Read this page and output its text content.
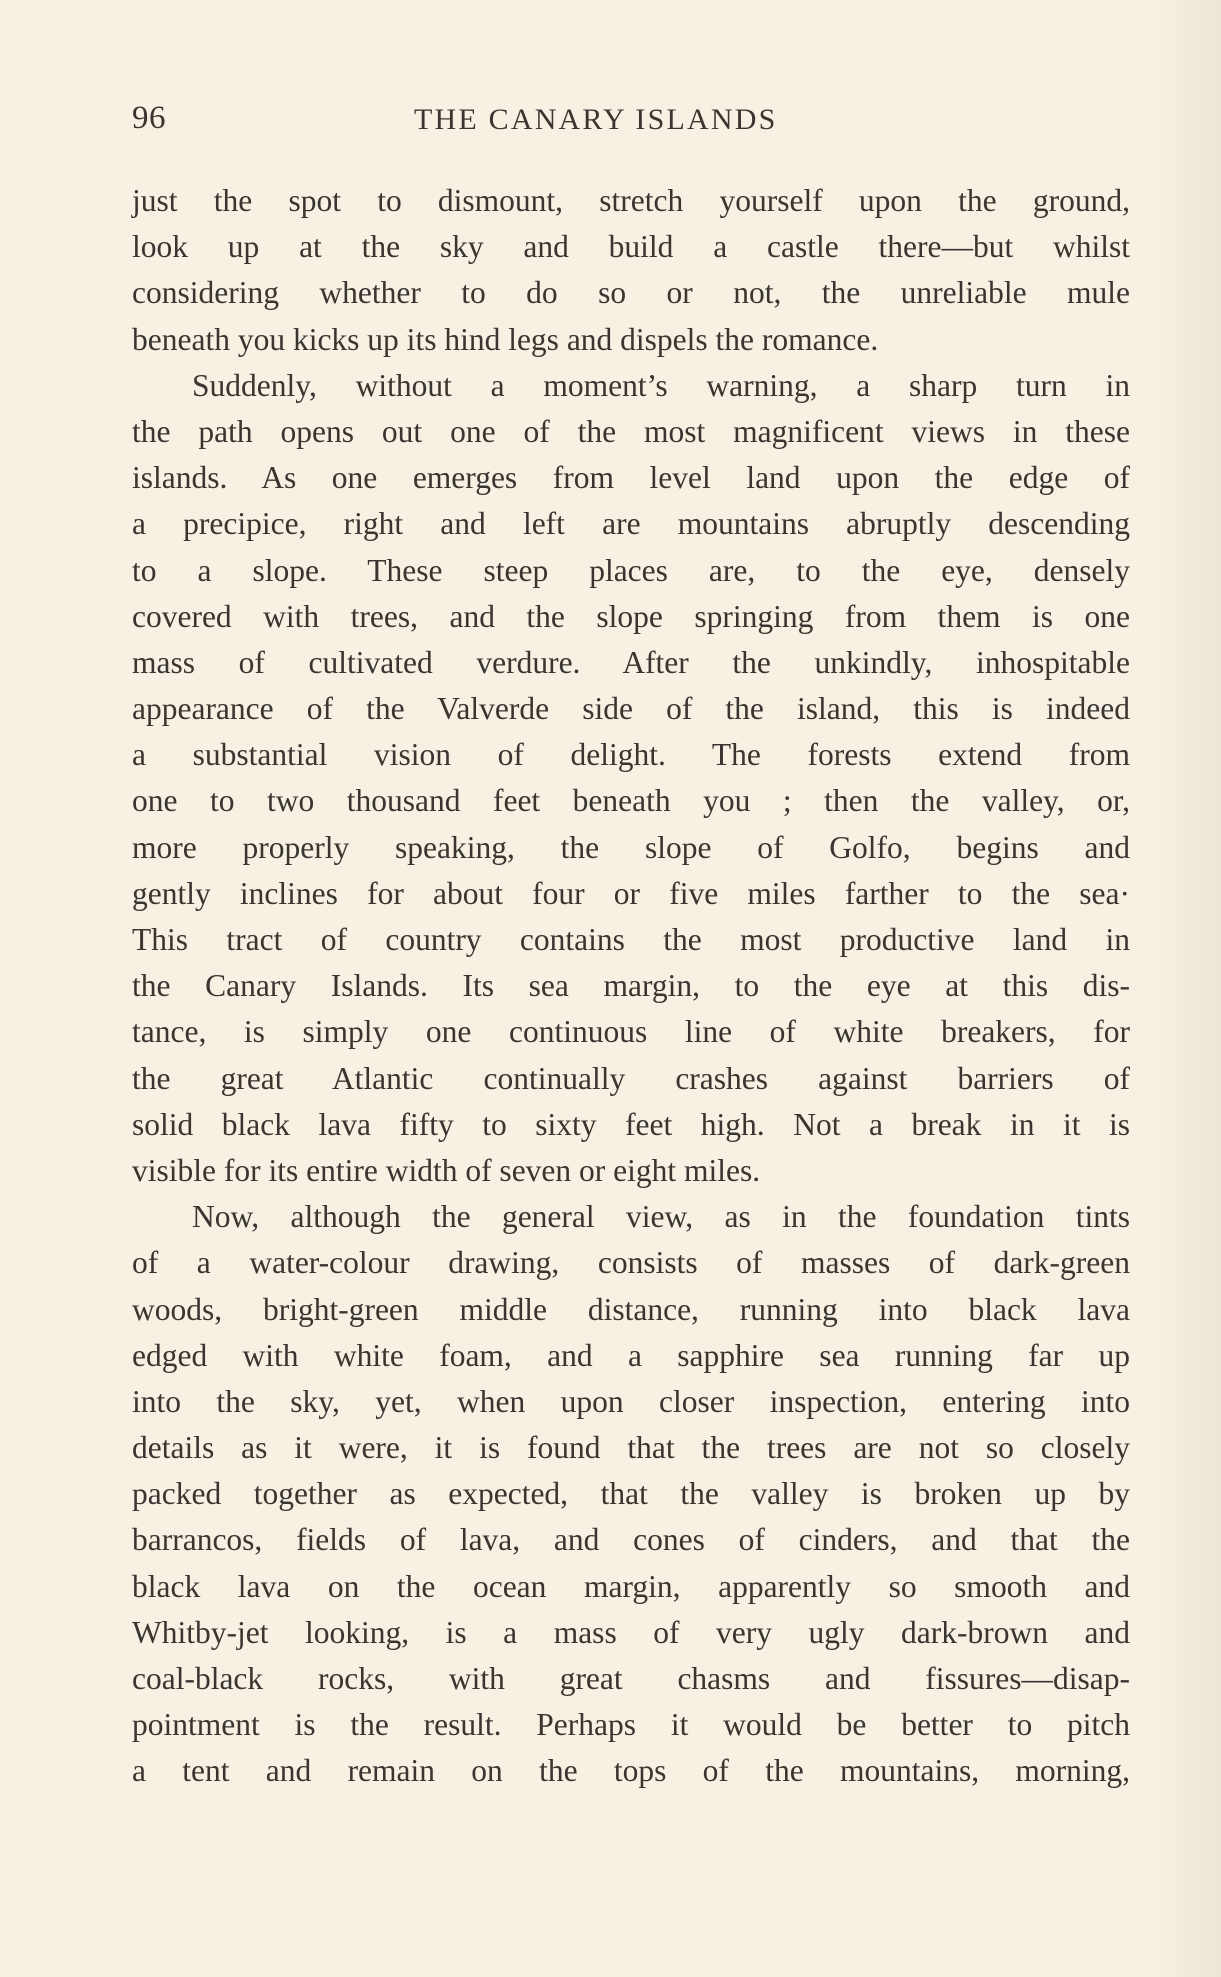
96	THE CANARY ISLANDS
just the spot to dismount, stretch yourself upon the ground,
look up at the sky and build a castle there—but whilst
considering whether to do so or not, the unreliable mule
beneath you kicks up its hind legs and dispels the romance.
Suddenly, without a moment’s warning, a sharp turn in
the path opens out one of the most magnificent views in these
islands. As one emerges from level land upon the edge of
a precipice, right and left are mountains abruptly descending
to a slope. These steep places are, to the eye, densely
covered with trees, and the slope springing from them is one
mass of cultivated verdure. After the unkindly, inhospitable
appearance of the Valverde side of the island, this is indeed
a substantial vision of delight. The forests extend from
one to two thousand feet beneath you ; then the valley, or,
more properly speaking, the slope of Golfo, begins and
gently inclines for about four or five miles farther to the sea·
This tract of country contains the most productive land in
the Canary Islands. Its sea margin, to the eye at this dis-
tance, is simply one continuous line of white breakers, for
the great Atlantic continually crashes against barriers of
solid black lava fifty to sixty feet high. Not a break in it is
visible for its entire width of seven or eight miles.
Now, although the general view, as in the foundation tints
of a water-colour drawing, consists of masses of dark-green
woods, bright-green middle distance, running into black lava
edged with white foam, and a sapphire sea running far up
into the sky, yet, when upon closer inspection, entering into
details as it were, it is found that the trees are not so closely
packed together as expected, that the valley is broken up by
barrancos, fields of lava, and cones of cinders, and that the
black lava on the ocean margin, apparently so smooth and
Whitby-jet looking, is a mass of very ugly dark-brown and
coal-black rocks, with great chasms and fissures—disap-
pointment is the result. Perhaps it would be better to pitch
a tent and remain on the tops of the mountains, morning,
